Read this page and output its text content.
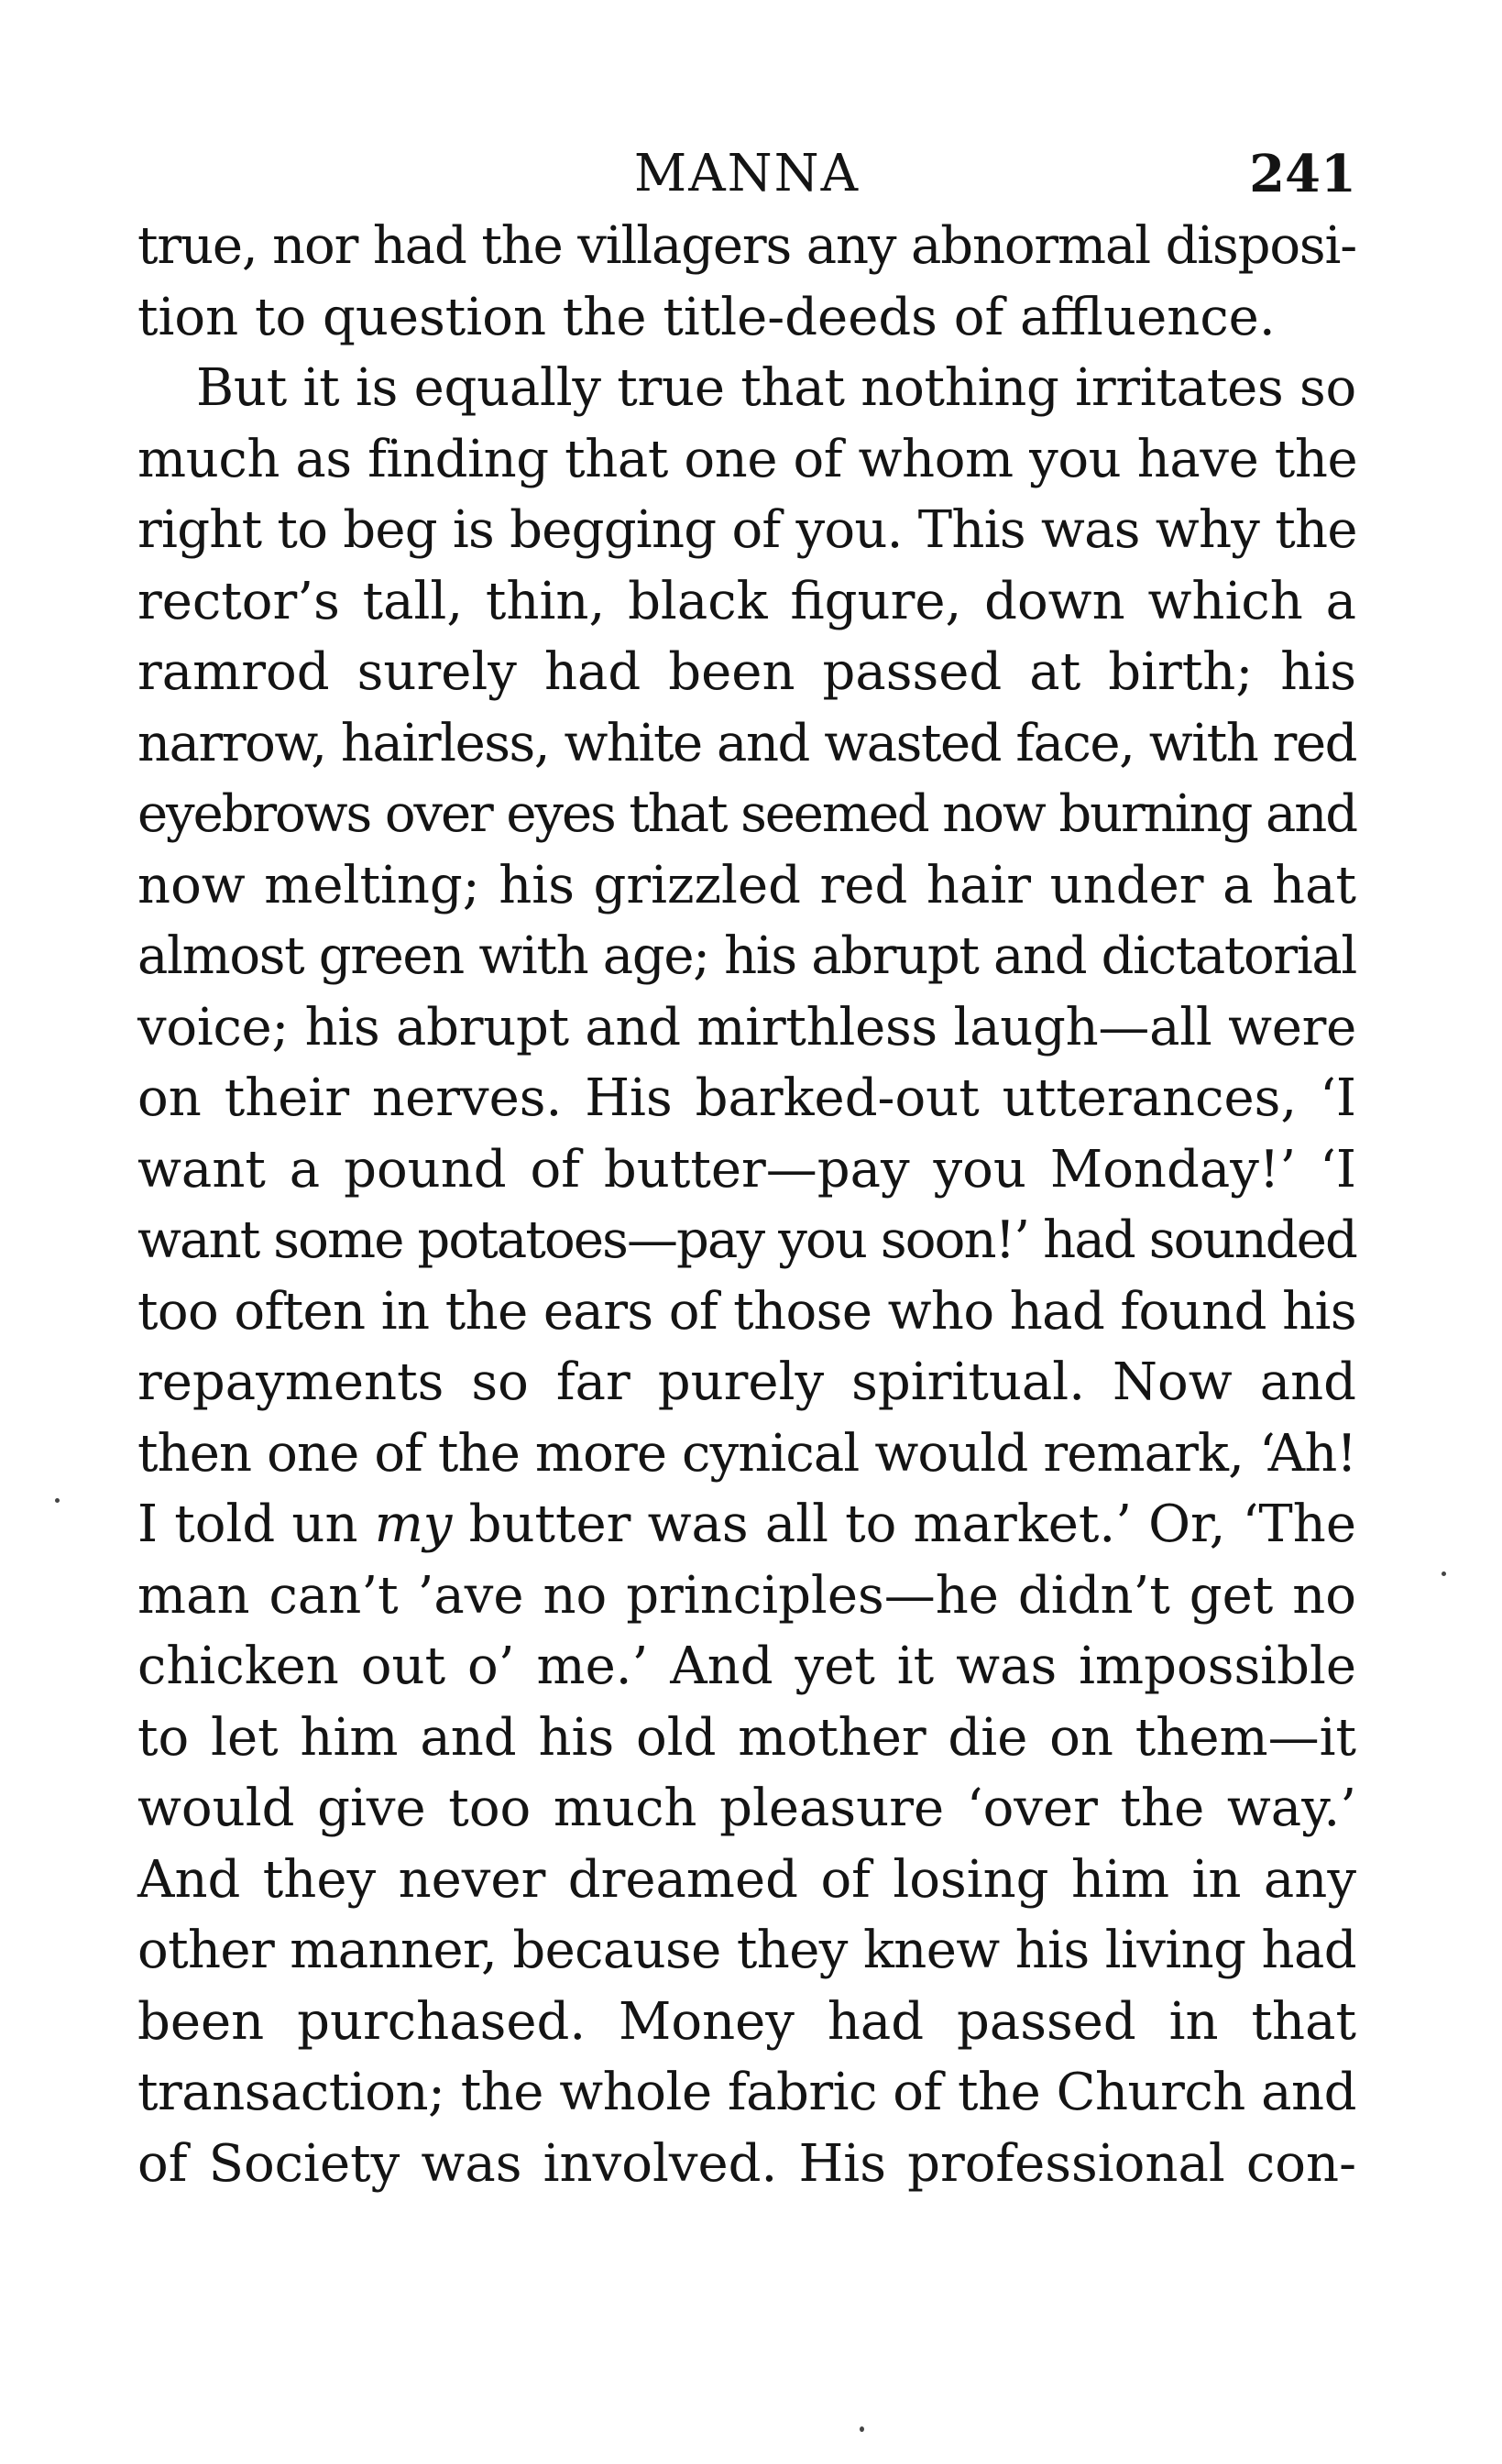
MANNA	241
true, nor had the villagers any abnormal disposi-
tion to question the title-deeds of affluence.
But it is equally true that nothing irritates so
much as finding that one of whom you have the
right to beg is begging of you. This was why the
rector’s tall, thin, black figure, down which a
ramrod surely had been passed at birth; his
narrow, hairless, white and wasted face, with red
eyebrows over eyes that seemed now burning and
now melting; his grizzled red hair under a hat
almost green with age; his abrupt and dictatorial
voice; his abrupt and mirthless laugh—all were
on their nerves. His barked-out utterances, ‘I
want a pound of butter—pay you Monday!’ ‘I
want some potatoes—pay you soon!’ had sounded
too often in the ears of those who had found his
repayments so far purely spiritual. Now and
then one of the more cynical would remark, ‘Ah!
I told un my butter was all to market.’ Or, ‘The
man can’t ’ave no principles—he didn’t get no
chicken out o’ me.’ And yet it was impossible
to let him and his old mother die on them—it
would give too much pleasure ‘over the way.’
And they never dreamed of losing him in any
other manner, because they knew his living had
been purchased. Money had passed in that
transaction; the whole fabric of the Church and
of Society was involved. His professional con-
